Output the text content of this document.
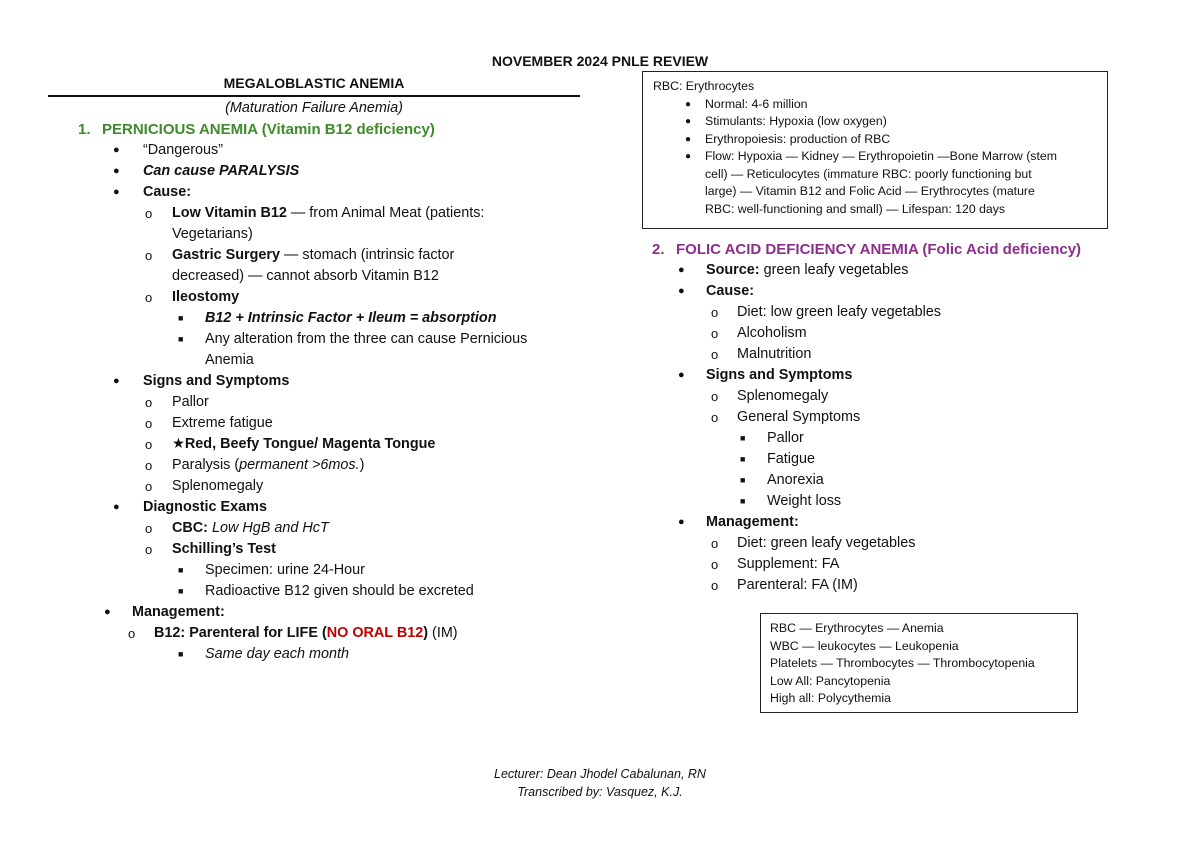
NOVEMBER 2024 PNLE REVIEW
MEGALOBLASTIC ANEMIA
(Maturation Failure Anemia)
1. PERNICIOUS ANEMIA (Vitamin B12 deficiency)
●	“Dangerous”
●	Can cause PARALYSIS
●	Cause:
o	Low Vitamin B12 — from Animal Meat (patients:
Vegetarians)
o	Gastric Surgery — stomach (intrinsic factor
decreased) — cannot absorb Vitamin B12
o	Ileostomy
■	B12 + Intrinsic Factor + Ileum = absorption
■	Any alteration from the three can cause Pernicious
Anemia
●	Signs and Symptoms
o	Pallor
o	Extreme fatigue
o	★Red, Beefy Tongue/ Magenta Tongue
o	Paralysis (permanent >6mos.)
o	Splenomegaly
●	Diagnostic Exams
o	CBC: Low HgB and HcT
o	Schilling’s Test
■	Specimen: urine 24-Hour
■	Radioactive B12 given should be excreted
●	Management:
o	B12: Parenteral for LIFE (NO ORAL B12) (IM)
■	Same day each month
RBC: Erythrocytes
●	Normal: 4-6 million
●	Stimulants: Hypoxia (low oxygen)
●	Erythropoiesis: production of RBC
●	Flow: Hypoxia — Kidney — Erythropoietin —Bone Marrow (stem
cell) — Reticulocytes (immature RBC: poorly functioning but
large) — Vitamin B12 and Folic Acid — Erythrocytes (mature
RBC: well-functioning and small) — Lifespan: 120 days
2. FOLIC ACID DEFICIENCY ANEMIA (Folic Acid deficiency)
●	Source: green leafy vegetables
●	Cause:
o	Diet: low green leafy vegetables
o	Alcoholism
o	Malnutrition
●	Signs and Symptoms
o	Splenomegaly
o	General Symptoms
■	Pallor
■	Fatigue
■	Anorexia
■	Weight loss
●	Management:
o	Diet: green leafy vegetables
o	Supplement: FA
o	Parenteral: FA (IM)
RBC — Erythrocytes — Anemia
WBC — leukocytes — Leukopenia
Platelets — Thrombocytes — Thrombocytopenia
Low All: Pancytopenia
High all: Polycythemia
Lecturer: Dean Jhodel Cabalunan, RN
Transcribed by: Vasquez, K.J.
